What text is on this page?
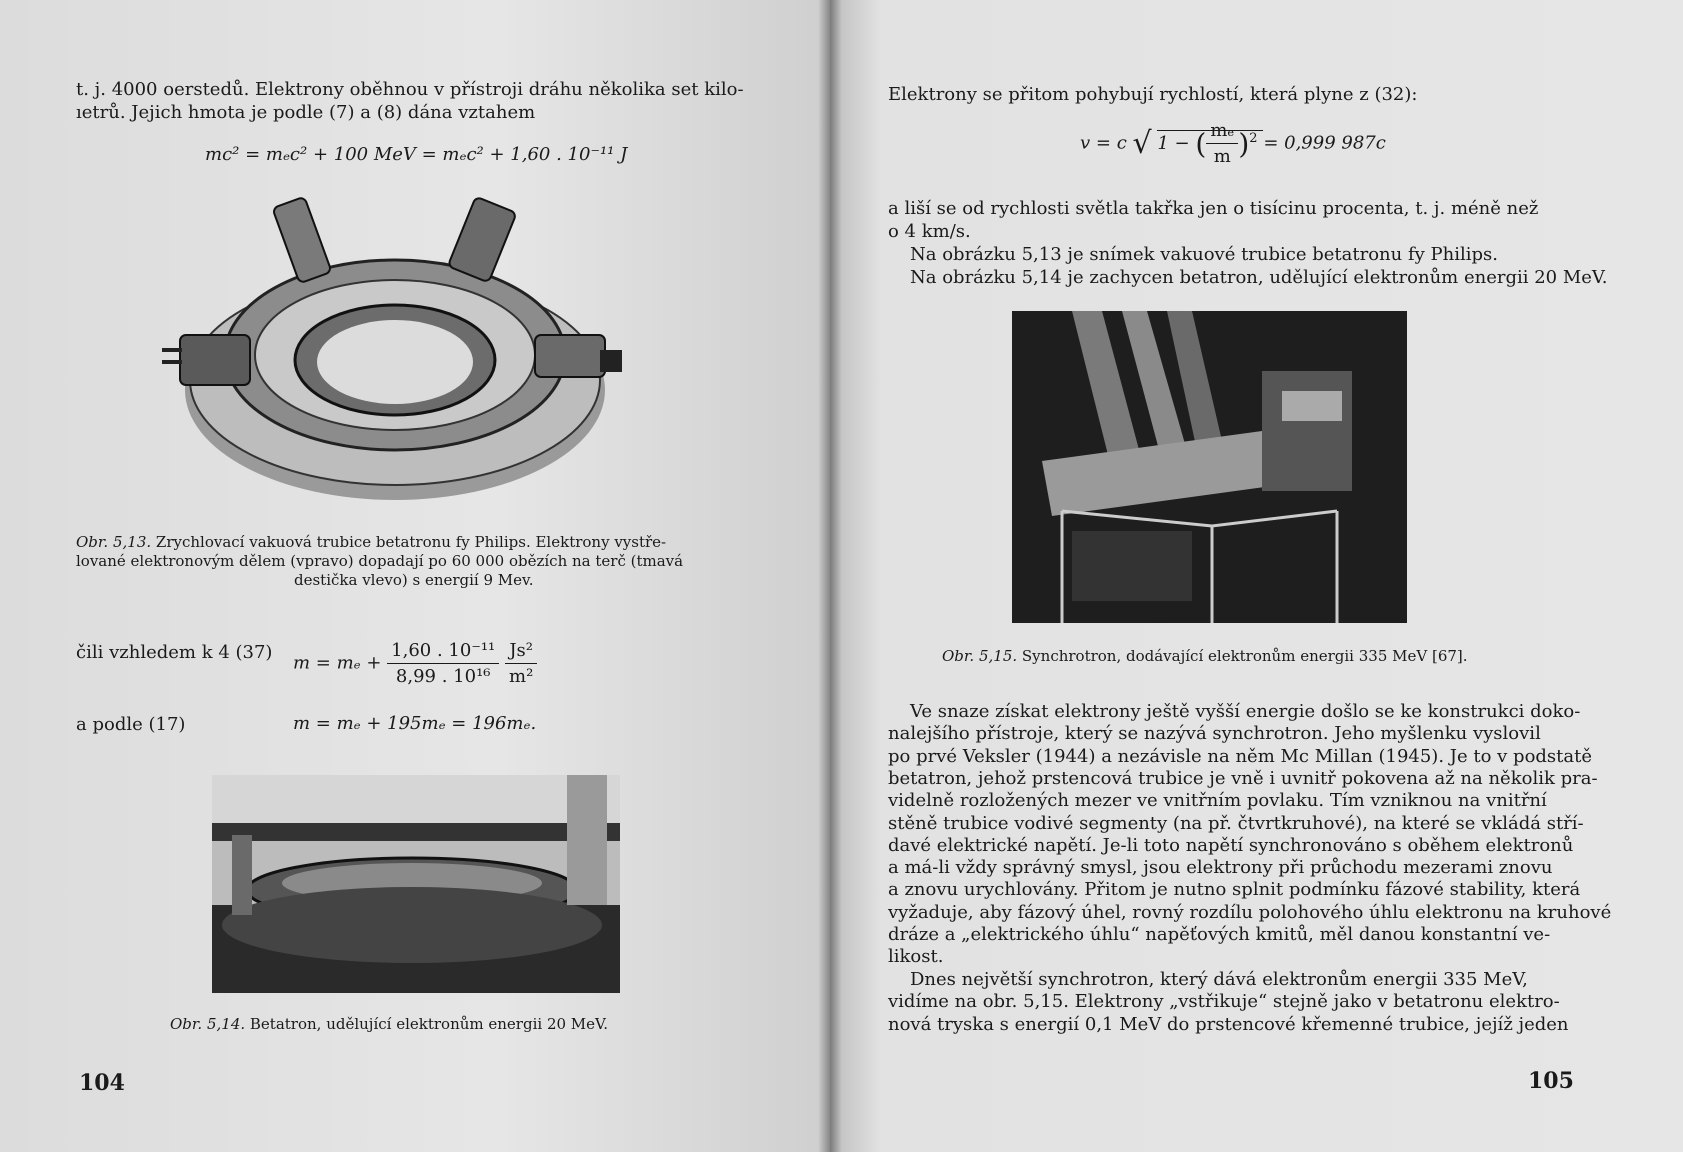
t. j. 4000 oerstedů. Elektrony oběhnou v přístroji dráhu několika set kilo-
ıetrů. Jejich hmota je podle (7) a (8) dána vztahem
mc² = mₑc² + 100 MeV = mₑc² + 1,60 . 10⁻¹¹ J
Obr. 5,13. Zrychlovací vakuová trubice betatronu fy Philips. Elektrony vystře-
lované elektronovým dělem (vpravo) dopadají po 60 000 obězích na terč (tmavá
destička vlevo) s energií 9 Mev.
čili vzhledem k 4 (37) $m = m_e + \frac{\text{1,60 . 10⁻¹¹}}{\text{8,99 . 10¹⁶}}$
$\frac{\text{Js²}}{\text{m²}}$
a podle (17)	m = mₑ + 195mₑ = 196mₑ.
Obr. 5,14. Betatron, udělující elektronům energii 20 MeV.
104
Elektrony se přitom pohybují rychlostí, která plyne z (32):
v = c √ 1 − ( $\frac{\text{mₑ}}{m} )^2 = 0,999$ 987c
a liší se od rychlosti světla takřka jen o tisícinu procenta, t. j. méně než
o 4 km/s.
Na obrázku 5,13 je snímek vakuové trubice betatronu fy Philips.
Na obrázku 5,14 je zachycen betatron, udělující elektronům energii 20 MeV.
Obr. 5,15. Synchrotron, dodávající elektronům energii 335 MeV [67].
Ve snaze získat elektrony ještě vyšší energie došlo se ke konstrukci doko-
nalejšího přístroje, který se nazývá synchrotron. Jeho myšlenku vyslovil
po prvé Veksler (1944) a nezávisle na něm Mc Millan (1945). Je to v podstatě
betatron, jehož prstencová trubice je vně i uvnitř pokovena až na několik pra-
videlně rozložených mezer ve vnitřním povlaku. Tím vzniknou na vnitřní
stěně trubice vodivé segmenty (na př. čtvrtkruhové), na které se vkládá stří-
davé elektrické napětí. Je-li toto napětí synchronováno s oběhem elektronů
a má-li vždy správný smysl, jsou elektrony při průchodu mezerami znovu
a znovu urychlovány. Přitom je nutno splnit podmínku fázové stability, která
vyžaduje, aby fázový úhel, rovný rozdílu polohového úhlu elektronu na kruhové
dráze a „elektrického úhlu“ napěťových kmitů, měl danou konstantní ve-
likost.
Dnes největší synchrotron, který dává elektronům energii 335 MeV,
vidíme na obr. 5,15. Elektrony „vstřikuje“ stejně jako v betatronu elektro-
nová tryska s energií 0,1 MeV do prstencové křemenné trubice, jejíž jeden
105
